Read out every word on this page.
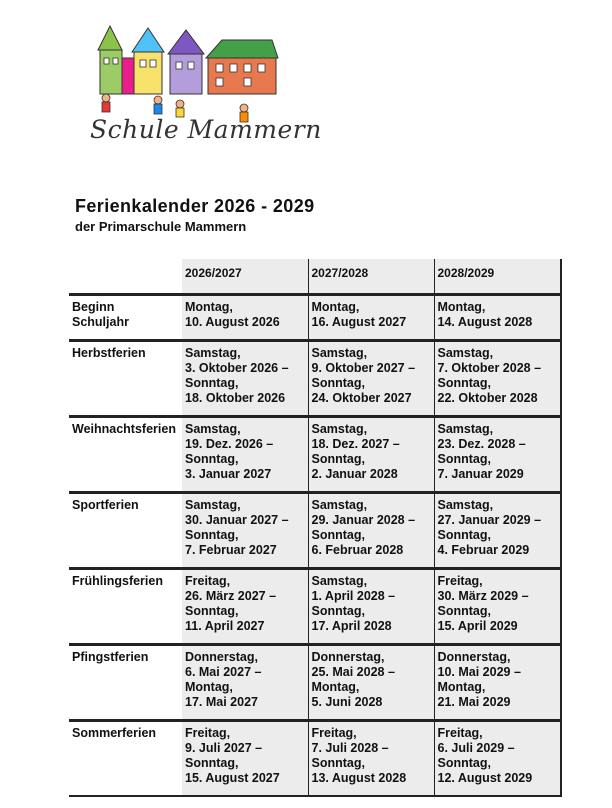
Schule Mammern
Ferienkalender 2026 - 2029
der Primarschule Mammern
	2026/2027	2027/2028	2028/2029
Beginn Schuljahr	Montag,
10. August 2026	Montag,
16. August 2027	Montag,
14. August 2028

Herbstferien	Samstag,
3. Oktober 2026 –
Sonntag,
18. Oktober 2026	Samstag,
9. Oktober 2027 –
Sonntag,
24. Oktober 2027	Samstag,
7. Oktober 2028 –
Sonntag,
22. Oktober 2028

Weihnachtsferien	Samstag,
19. Dez. 2026 –
Sonntag,
3. Januar 2027	Samstag,
18. Dez. 2027 –
Sonntag,
2. Januar 2028	Samstag,
23. Dez. 2028 –
Sonntag,
7. Januar 2029

Sportferien	Samstag,
30. Januar 2027 –
Sonntag,
7. Februar 2027	Samstag,
29. Januar 2028 –
Sonntag,
6. Februar 2028	Samstag,
27. Januar 2029 –
Sonntag,
4. Februar 2029

Frühlingsferien	Freitag,
26. März 2027 –
Sonntag,
11. April 2027	Samstag,
1. April 2028 –
Sonntag,
17. April 2028	Freitag,
30. März 2029 –
Sonntag,
15. April 2029

Pfingstferien	Donnerstag,
6. Mai 2027 –
Montag,
17. Mai 2027	Donnerstag,
25. Mai 2028 –
Montag,
5. Juni 2028	Donnerstag,
10. Mai 2029 –
Montag,
21. Mai 2029

Sommerferien	Freitag,
9. Juli 2027 –
Sonntag,
15. August 2027	Freitag,
7. Juli 2028 –
Sonntag,
13. August 2028	Freitag,
6. Juli 2029 –
Sonntag,
12. August 2029
